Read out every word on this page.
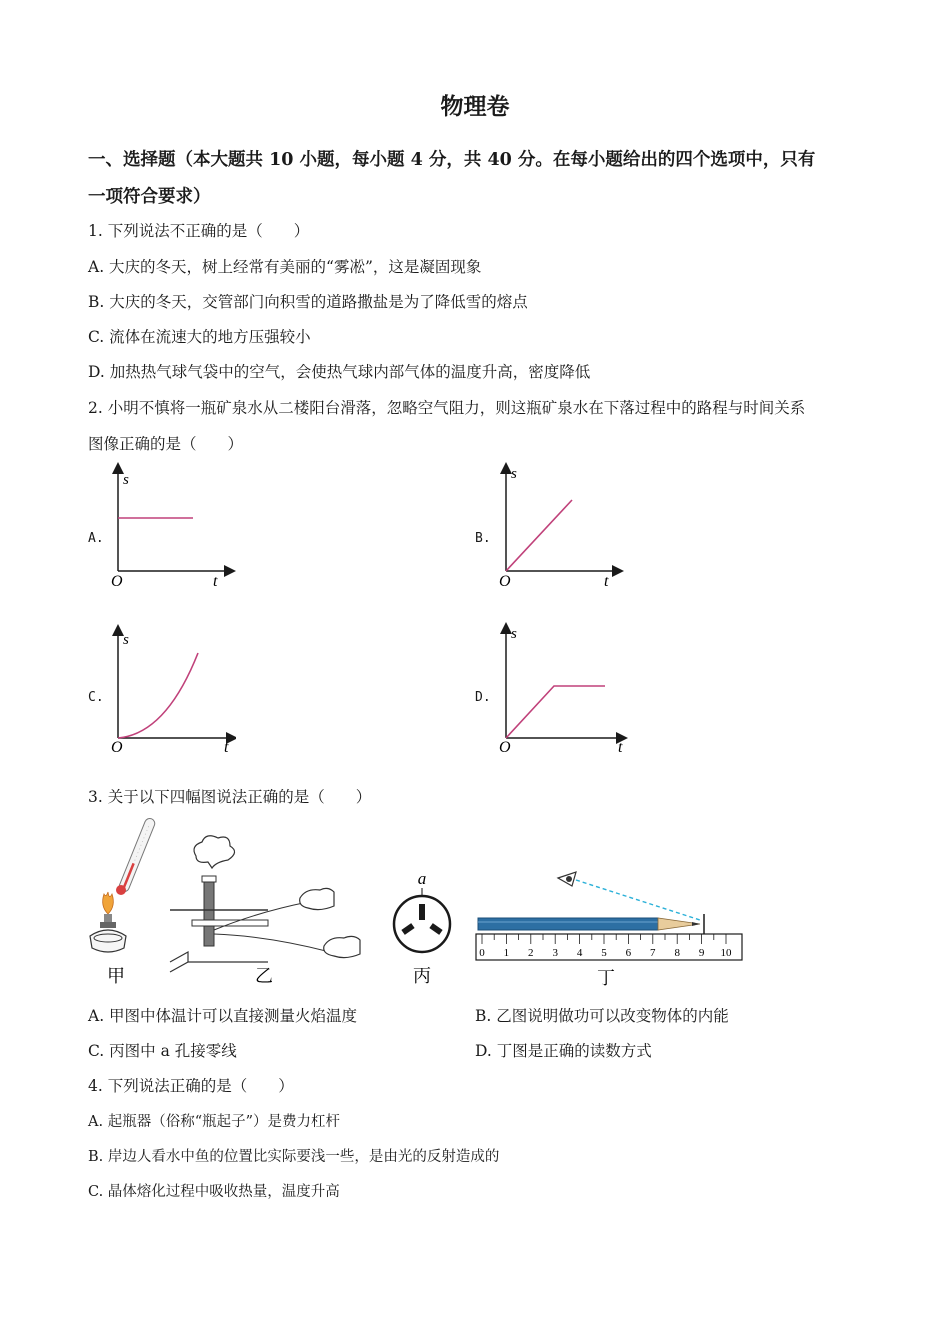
物理卷
一、选择题（本大题共 10 小题，每小题 4 分，共 40 分。在每小题给出的四个选项中，只有
一项符合要求）
1. 下列说法不正确的是（　　）
A. 大庆的冬天，树上经常有美丽的“雾凇”，这是凝固现象
B. 大庆的冬天，交管部门向积雪的道路撒盐是为了降低雪的熔点
C. 流体在流速大的地方压强较小
D. 加热热气球气袋中的空气，会使热气球内部气体的温度升高，密度降低
2. 小明不慎将一瓶矿泉水从二楼阳台滑落，忽略空气阻力，则这瓶矿泉水在下落过程中的路程与时间关系
图像正确的是（　　）
A.	B.
C.	D.
s
O	t
s
O	t
s
O	t
s
O	t
3. 关于以下四幅图说法正确的是（　　）
甲	乙
a
丙
0 1 2 3 4 5 6 7 8 9 10
丁
A. 甲图中体温计可以直接测量火焰温度	B. 乙图说明做功可以改变物体的内能
C. 丙图中 a 孔接零线	D. 丁图是正确的读数方式
4. 下列说法正确的是（　　）
A. 起瓶器（俗称“瓶起子”）是费力杠杆
B. 岸边人看水中鱼的位置比实际要浅一些，是由光的反射造成的
C. 晶体熔化过程中吸收热量，温度升高
